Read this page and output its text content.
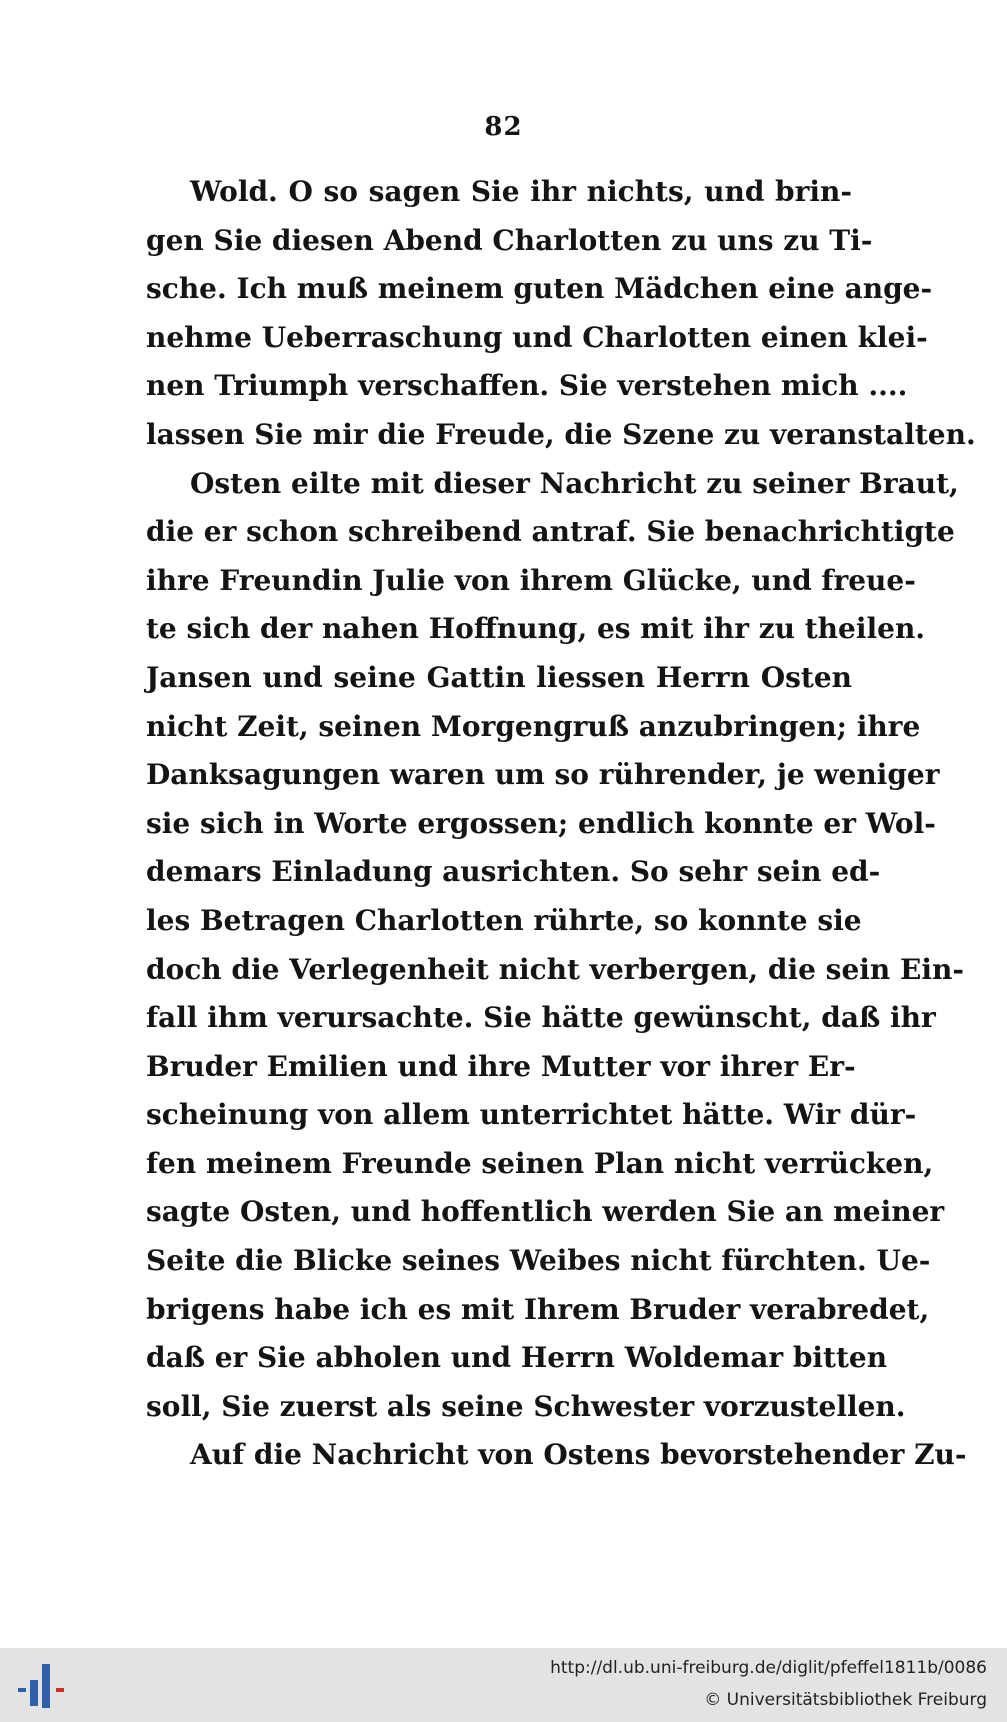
82
Wold. O so sagen Sie ihr nichts, und brin-
gen Sie diesen Abend Charlotten zu uns zu Ti-
sche. Ich muß meinem guten Mädchen eine ange-
nehme Ueberraschung und Charlotten einen klei-
nen Triumph verschaffen. Sie verstehen mich ....
lassen Sie mir die Freude, die Szene zu veranstalten.
Osten eilte mit dieser Nachricht zu seiner Braut,
die er schon schreibend antraf. Sie benachrichtigte
ihre Freundin Julie von ihrem Glücke, und freue-
te sich der nahen Hoffnung, es mit ihr zu theilen.
Jansen und seine Gattin liessen Herrn Osten
nicht Zeit, seinen Morgengruß anzubringen; ihre
Danksagungen waren um so rührender, je weniger
sie sich in Worte ergossen; endlich konnte er Wol-
demars Einladung ausrichten. So sehr sein ed-
les Betragen Charlotten rührte, so konnte sie
doch die Verlegenheit nicht verbergen, die sein Ein-
fall ihm verursachte. Sie hätte gewünscht, daß ihr
Bruder Emilien und ihre Mutter vor ihrer Er-
scheinung von allem unterrichtet hätte. Wir dür-
fen meinem Freunde seinen Plan nicht verrücken,
sagte Osten, und hoffentlich werden Sie an meiner
Seite die Blicke seines Weibes nicht fürchten. Ue-
brigens habe ich es mit Ihrem Bruder verabredet,
daß er Sie abholen und Herrn Woldemar bitten
soll, Sie zuerst als seine Schwester vorzustellen.
Auf die Nachricht von Ostens bevorstehender Zu-
http://dl.ub.uni-freiburg.de/diglit/pfeffel1811b/0086
© Universitätsbibliothek Freiburg
